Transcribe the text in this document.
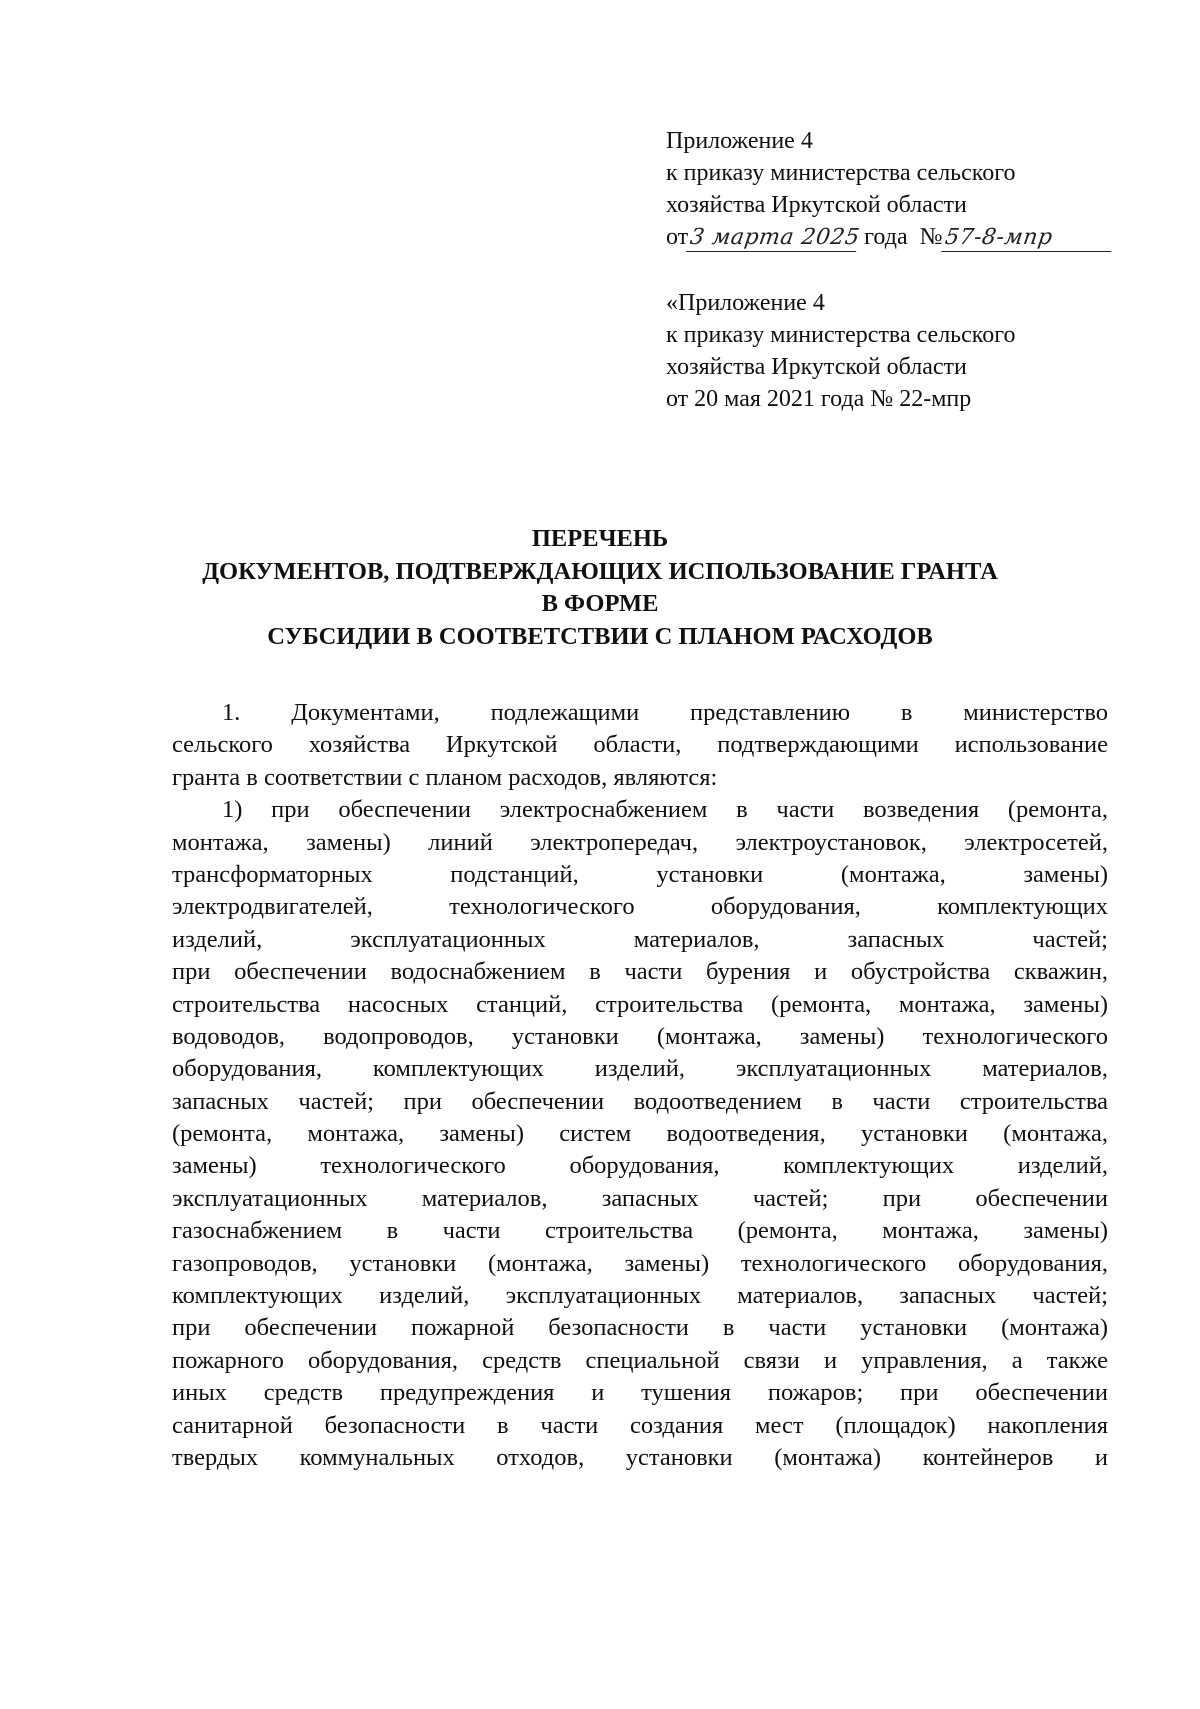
Приложение 4
к приказу министерства сельского
хозяйства Иркутской области
от3 марта 2025 года №57-8-мпр
«Приложение 4
к приказу министерства сельского
хозяйства Иркутской области
от 20 мая 2021 года № 22-мпр
ПЕРЕЧЕНЬ
ДОКУМЕНТОВ, ПОДТВЕРЖДАЮЩИХ ИСПОЛЬЗОВАНИЕ ГРАНТА
В ФОРМЕ
СУБСИДИИ В СООТВЕТСТВИИ С ПЛАНОМ РАСХОДОВ
1. Документами, подлежащими представлению в министерство
сельского хозяйства Иркутской области, подтверждающими использование
гранта в соответствии с планом расходов, являются:
1) при обеспечении электроснабжением в части возведения (ремонта,
монтажа, замены) линий электропередач, электроустановок, электросетей,
трансформаторных подстанций, установки (монтажа, замены)
электродвигателей, технологического оборудования, комплектующих
изделий, эксплуатационных материалов, запасных частей;
при обеспечении водоснабжением в части бурения и обустройства скважин,
строительства насосных станций, строительства (ремонта, монтажа, замены)
водоводов, водопроводов, установки (монтажа, замены) технологического
оборудования, комплектующих изделий, эксплуатационных материалов,
запасных частей; при обеспечении водоотведением в части строительства
(ремонта, монтажа, замены) систем водоотведения, установки (монтажа,
замены) технологического оборудования, комплектующих изделий,
эксплуатационных материалов, запасных частей; при обеспечении
газоснабжением в части строительства (ремонта, монтажа, замены)
газопроводов, установки (монтажа, замены) технологического оборудования,
комплектующих изделий, эксплуатационных материалов, запасных частей;
при обеспечении пожарной безопасности в части установки (монтажа)
пожарного оборудования, средств специальной связи и управления, а также
иных средств предупреждения и тушения пожаров; при обеспечении
санитарной безопасности в части создания мест (площадок) накопления
твердых коммунальных отходов, установки (монтажа) контейнеров и
